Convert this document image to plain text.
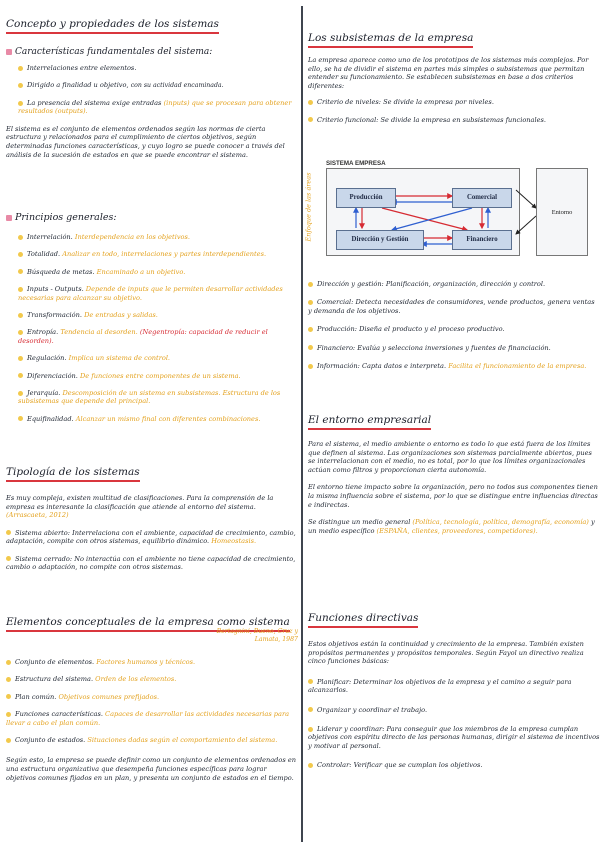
Concepto y propiedades de los sistemas
Características fundamentales del sistema:
Interrelaciones entre elementos.
Dirigido a finalidad u objetivo, con su actividad encaminada.
La presencia del sistema exige entradas (inputs) que se procesan para obtener resultados (outputs).
El sistema es el conjunto de elementos ordenados según las normas de cierta estructura y relacionados para el cumplimiento de ciertos objetivos, según determinadas funciones características, y cuyo logro se puede conocer a través del análisis de la sucesión de estados en que se puede encontrar el sistema.
Principios generales:
Interrelación. Interdependencia en los objetivos.
Totalidad. Analizar en todo, interrelaciones y partes interdependientes.
Búsqueda de metas. Encaminado a un objetivo.
Inputs - Outputs. Depende de inputs que le permiten desarrollar actividades necesarias para alcanzar su objetivo.
Transformación. De entradas y salidas.
Entropía. Tendencia al desorden. (Negentropía: capacidad de reducir el desorden).
Regulación. Implica un sistema de control.
Diferenciación. De funciones entre componentes de un sistema.
Jerarquía. Descomposición de un sistema en subsistemas. Estructura de los subsistemas que depende del principal.
Equifinalidad. Alcanzar un mismo final con diferentes combinaciones.
Tipología de los sistemas
Es muy compleja, existen multitud de clasificaciones. Para la comprensión de la empresa es interesante la clasificación que atiende al entorno del sistema. (Arrascaeta, 2012)
Sistema abierto: Interrelaciona con el ambiente, capacidad de crecimiento, cambio, adaptación, compite con otros sistemas, equilibrio dinámico. Homeostasis.
Sistema cerrado: No interactúa con el ambiente no tiene capacidad de crecimiento, cambio o adaptación, no compite con otros sistemas.
Elementos conceptuales de la empresa como sistema
Bertagnini, Bueno, Cruz y Lamata, 1987
Conjunto de elementos. Factores humanos y técnicos.
Estructura del sistema. Orden de los elementos.
Plan común. Objetivos comunes prefijados.
Funciones características. Capaces de desarrollar las actividades necesarias para llevar a cabo el plan común.
Conjunto de estados. Situaciones dadas según el comportamiento del sistema.
Según esto, la empresa se puede definir como un conjunto de elementos ordenados en una estructura organizativa que desempeña funciones específicas para lograr objetivos comunes fijados en un plan, y presenta un conjunto de estados en el tiempo.
Los subsistemas de la empresa
La empresa aparece como uno de los prototipos de los sistemas más complejos. Por ello, se ha de dividir el sistema en partes más simples o subsistemas que permitan entender su funcionamiento. Se establecen subsistemas en base a dos criterios diferentes:
Criterio de niveles: Se divide la empresa por niveles.
Criterio funcional: Se divide la empresa en subsistemas funcionales.
Enfoque de las áreas
SISTEMA EMPRESA
Producción	Comercial
Dirección y Gestión	Financiero
Entorno
Dirección y gestión: Planificación, organización, dirección y control.
Comercial: Detecta necesidades de consumidores, vende productos, genera ventas y demanda de los objetivos.
Producción: Diseña el producto y el proceso productivo.
Financiero: Evalúa y selecciona inversiones y fuentes de financiación.
Información: Capta datos e interpreta. Facilita el funcionamiento de la empresa.
El entorno empresarial
Para el sistema, el medio ambiente o entorno es todo lo que está fuera de los límites que definen al sistema. Las organizaciones son sistemas parcialmente abiertos, pues se interrelacionan con el medio, no es total, por lo que los límites organizacionales actúan como filtros y proporcionan cierta autonomía.
El entorno tiene impacto sobre la organización, pero no todos sus componentes tienen la misma influencia sobre el sistema, por lo que se distingue entre influencias directas e indirectas.
Se distingue un medio general (Política, tecnología, política, demografía, economía) y un medio específico (ESPAÑA, clientes, proveedores, competidores).
Funciones directivas
Estos objetivos están la continuidad y crecimiento de la empresa. También existen propósitos permanentes y propósitos temporales. Según Fayol un directivo realiza cinco funciones básicas:
Planificar: Determinar los objetivos de la empresa y el camino a seguir para alcanzarlos.
Organizar y coordinar el trabajo.
Liderar y coordinar: Para conseguir que los miembros de la empresa cumplan objetivos con espíritu directo de las personas humanas, dirigir el sistema de incentivos y motivar al personal.
Controlar: Verificar que se cumplan los objetivos.
